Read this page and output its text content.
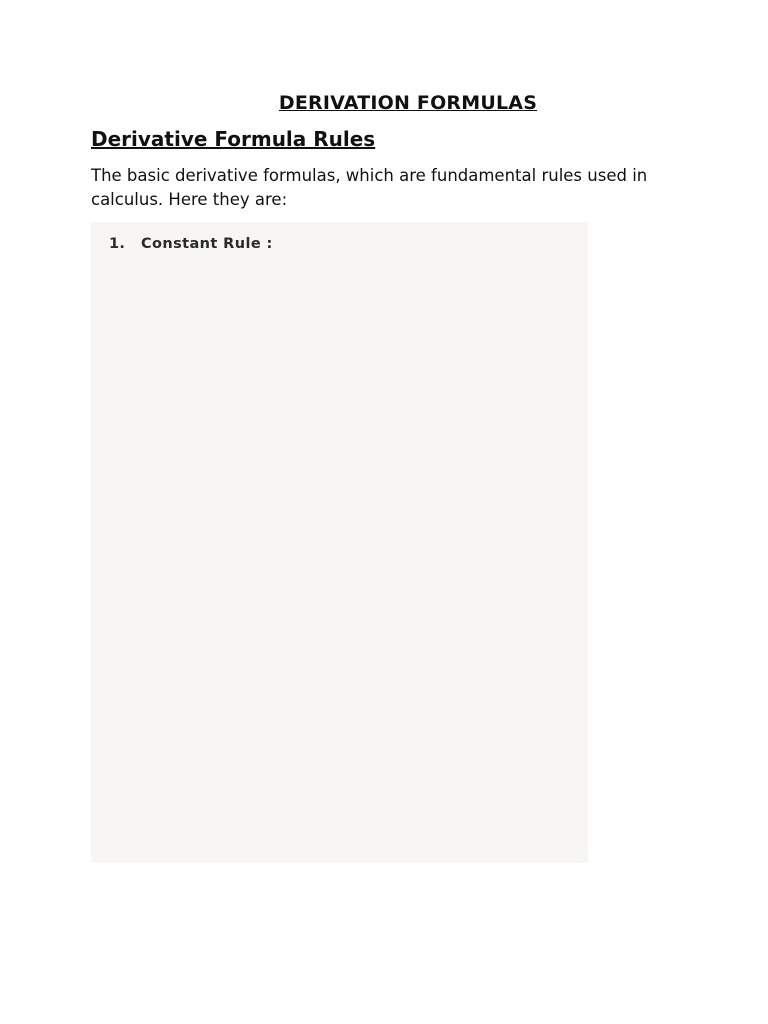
DERIVATION FORMULAS
Derivative Formula Rules
The basic derivative formulas, which are fundamental rules used in calculus. Here they are:
1.	Constant Rule :
